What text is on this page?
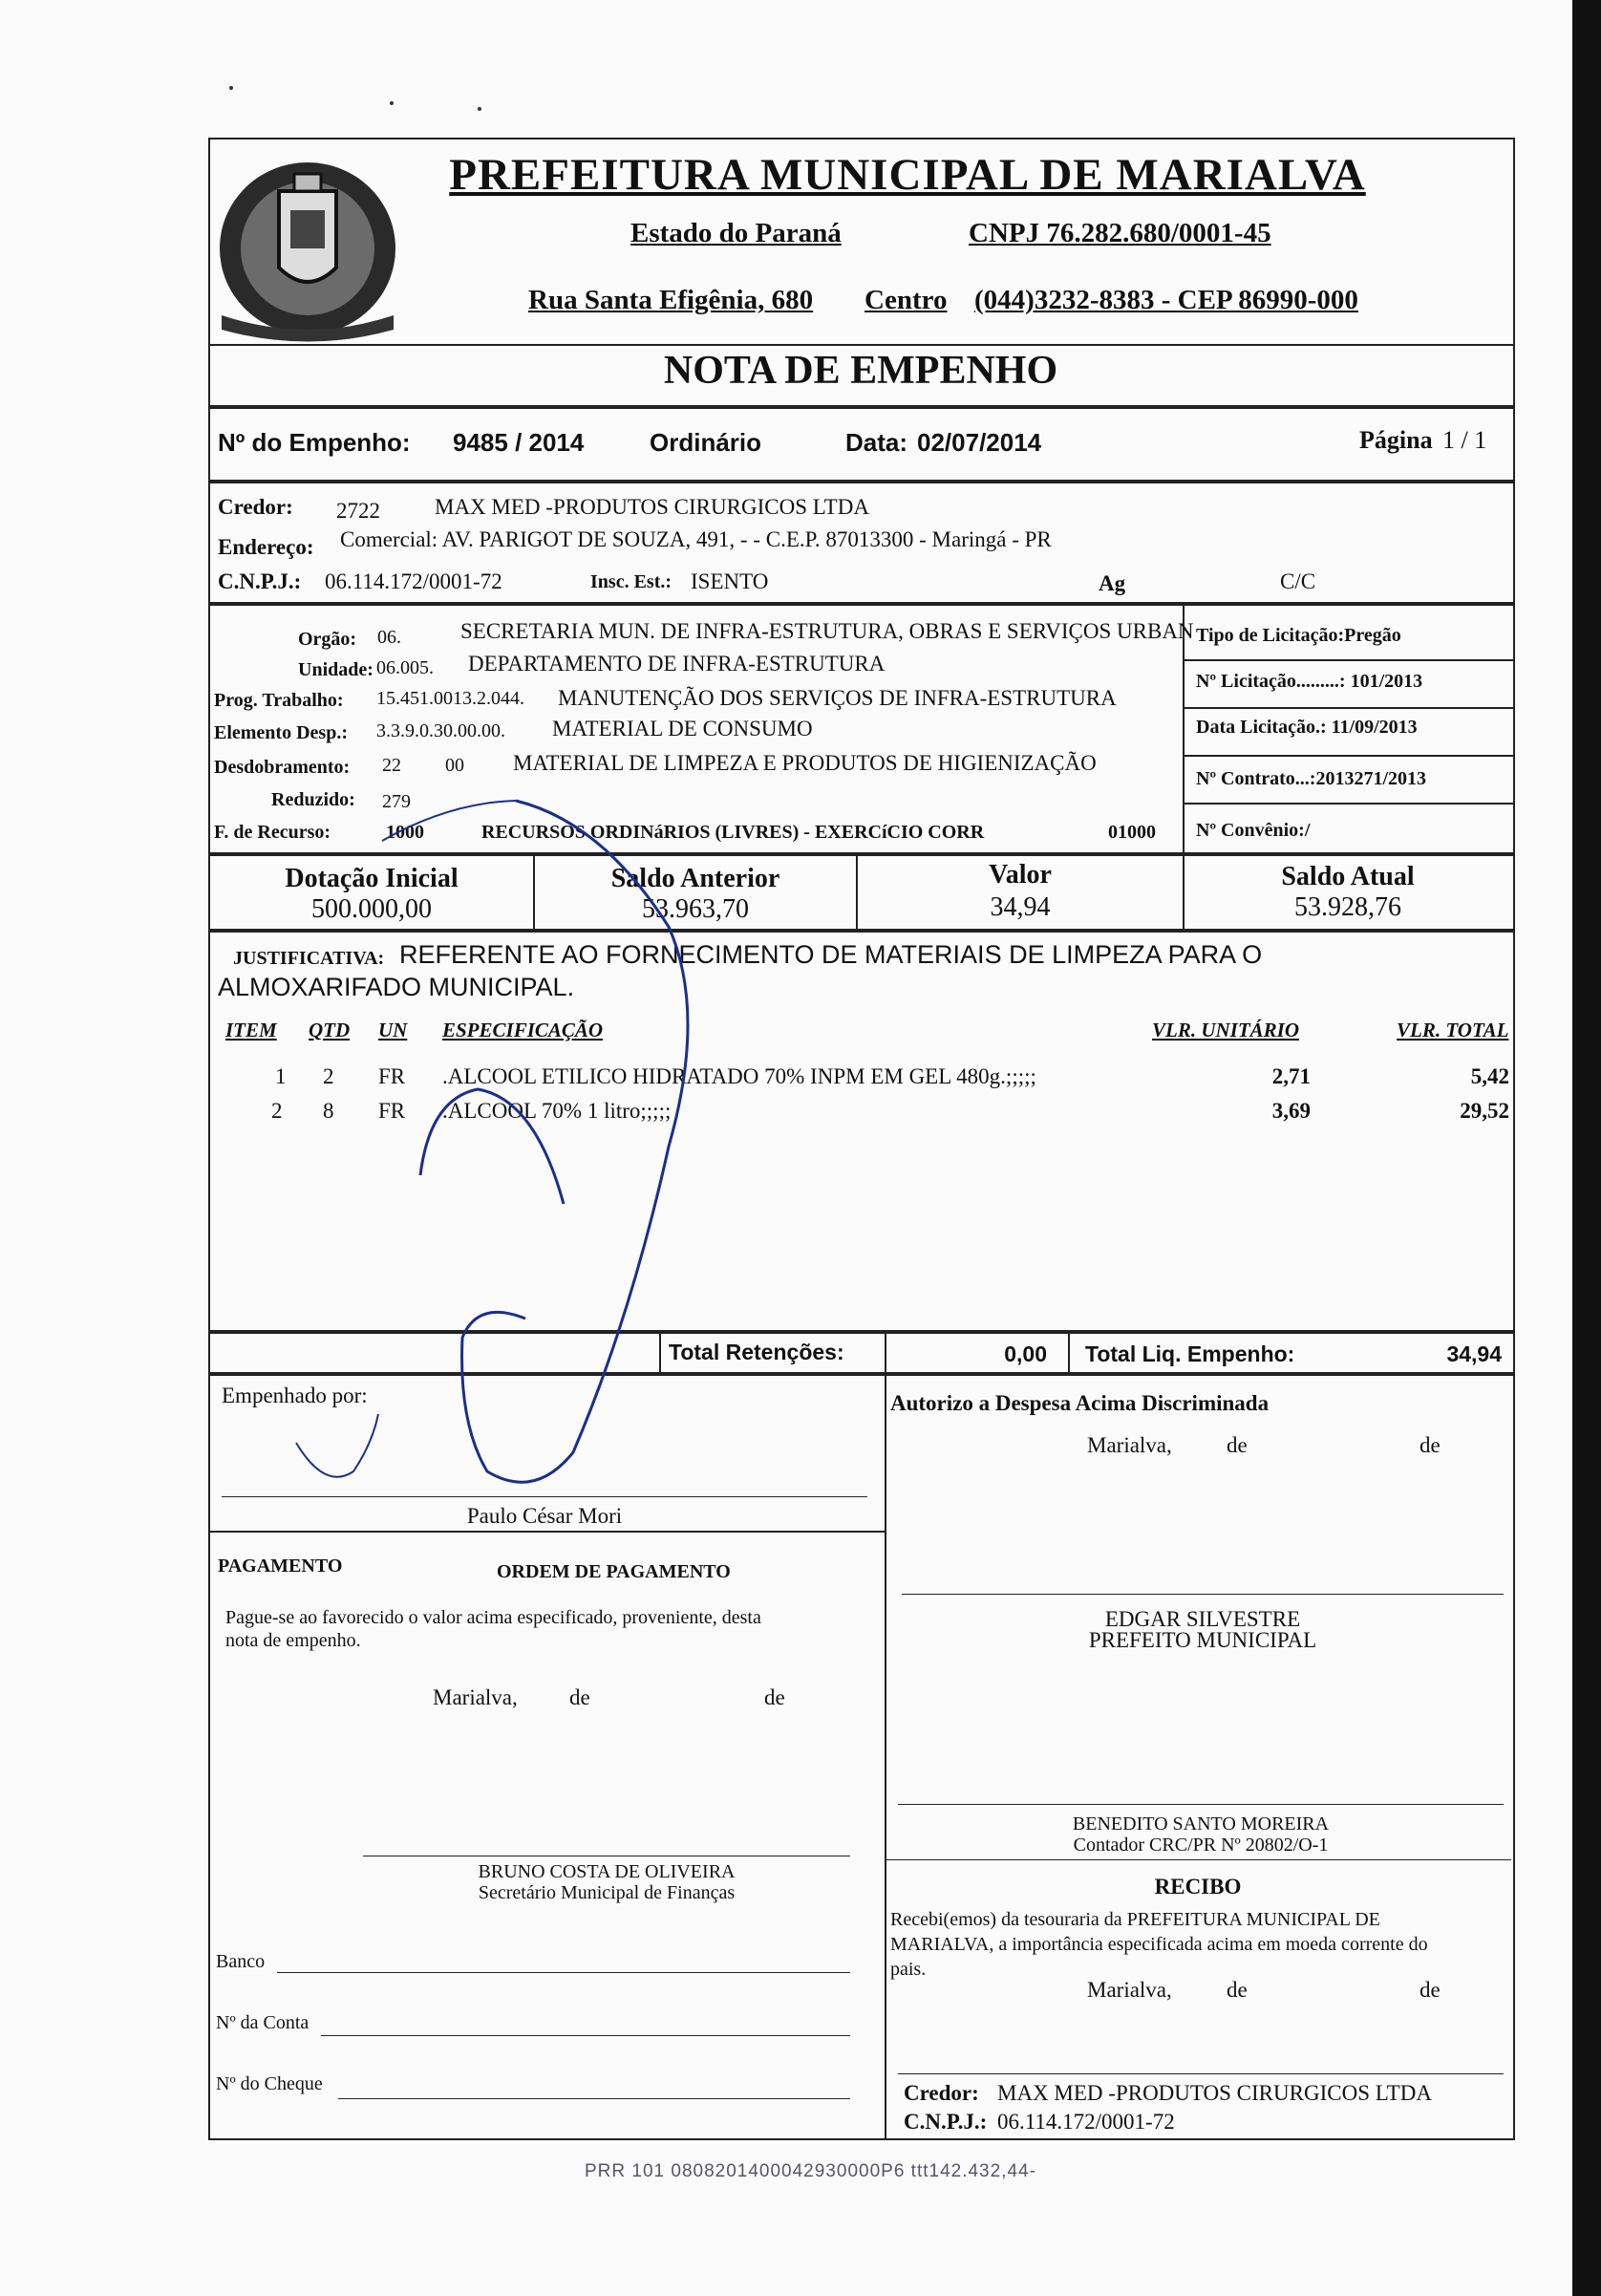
PREFEITURA MUNICIPAL DE MARIALVA
Estado do Paraná	CNPJ 76.282.680/0001-45
Rua Santa Efigênia, 680 Centro (044)3232-8383 - CEP 86990-000
NOTA DE EMPENHO
Nº do Empenho: 9485 / 2014	Ordinário	Data: 02/07/2014	Página 1 / 1
Credor: 2722 MAX MED -PRODUTOS CIRURGICOS LTDA
Endereço: Comercial: AV. PARIGOT DE SOUZA, 491, - - C.E.P. 87013300 - Maringá - PR
C.N.P.J.: 06.114.172/0001-72	Insc. Est.: ISENTO	Ag	C/C
Orgão: 06.	SECRETARIA MUN. DE INFRA-ESTRUTURA, OBRAS E SERVIÇOS URBAN
Unidade: 06.005. DEPARTAMENTO DE INFRA-ESTRUTURA
Prog. Trabalho: 15.451.0013.2.044. MANUTENÇÃO DOS SERVIÇOS DE INFRA-ESTRUTURA
Elemento Desp.: 3.3.9.0.30.00.00. MATERIAL DE CONSUMO
Desdobramento: 22 00 MATERIAL DE LIMPEZA E PRODUTOS DE HIGIENIZAÇÃO
Reduzido: 279
F. de Recurso:	1000	RECURSOS ORDINáRIOS (LIVRES) - EXERCíCIO CORR	01000
Tipo de Licitação:Pregão
Nº Licitação.........: 101/2013
Data Licitação.: 11/09/2013
Nº Contrato...:2013271/2013
Nº Convênio:/
Dotação Inicial
500.000,00
Saldo Anterior
53.963,70
Valor
34,94
Saldo Atual
53.928,76
JUSTIFICATIVA: REFERENTE AO FORNECIMENTO DE MATERIAIS DE LIMPEZA PARA O
ALMOXARIFADO MUNICIPAL.
ITEM QTD UN ESPECIFICAÇÃO	VLR. UNITÁRIO	VLR. TOTAL
1 2 FR .ALCOOL ETILICO HIDRATADO 70% INPM EM GEL 480g.;;;;;	2,71	5,42
2 8 FR .ALCOOL 70% 1 litro;;;;;	3,69	29,52
Total Retenções:	0,00 Total Liq. Empenho:	34,94
Empenhado por:
Paulo César Mori
Autorizo a Despesa Acima Discriminada
Marialva, de	de
EDGAR SILVESTRE
PREFEITO MUNICIPAL
BENEDITO SANTO MOREIRA
Contador CRC/PR Nº 20802/O-1
PAGAMENTO	ORDEM DE PAGAMENTO
Pague-se ao favorecido o valor acima especificado, proveniente, desta
nota de empenho.
Marialva, de	de
BRUNO COSTA DE OLIVEIRA
Secretário Municipal de Finanças
Banco
Nº da Conta
Nº do Cheque
RECIBO
Recebi(emos) da tesouraria da PREFEITURA MUNICIPAL DE
MARIALVA, a importância especificada acima em moeda corrente do
pais.
Marialva, de	de
Credor: MAX MED -PRODUTOS CIRURGICOS LTDA
C.N.P.J.: 06.114.172/0001-72
PRR 101 0808201400042930000P6 ttt142.432,44-
